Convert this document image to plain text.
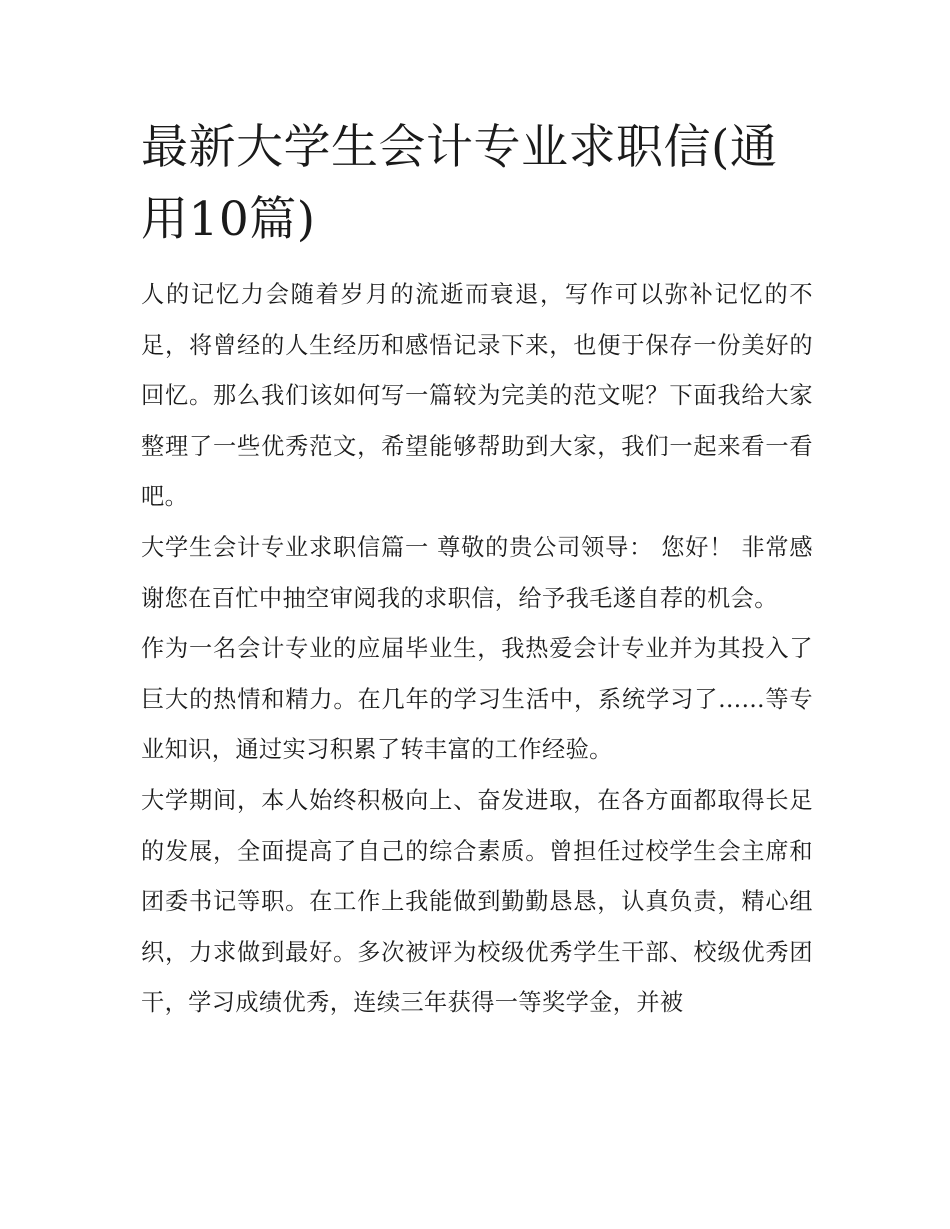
最新大学生会计专业求职信(通用10篇)

人的记忆力会随着岁月的流逝而衰退，写作可以弥补记忆的不足，将曾经的人生经历和感悟记录下来，也便于保存一份美好的回忆。那么我们该如何写一篇较为完美的范文呢？下面我给大家整理了一些优秀范文，希望能够帮助到大家，我们一起来看一看吧。

大学生会计专业求职信篇一 尊敬的贵公司领导： 您好！ 非常感谢您在百忙中抽空审阅我的求职信，给予我毛遂自荐的机会。

作为一名会计专业的应届毕业生，我热爱会计专业并为其投入了巨大的热情和精力。在几年的学习生活中，系统学习了......等专业知识，通过实习积累了转丰富的工作经验。

大学期间，本人始终积极向上、奋发进取，在各方面都取得长足的发展，全面提高了自己的综合素质。曾担任过校学生会主席和团委书记等职。在工作上我能做到勤勤恳恳，认真负责，精心组织，力求做到最好。多次被评为校级优秀学生干部、校级优秀团干，学习成绩优秀，连续三年获得一等奖学金，并被
